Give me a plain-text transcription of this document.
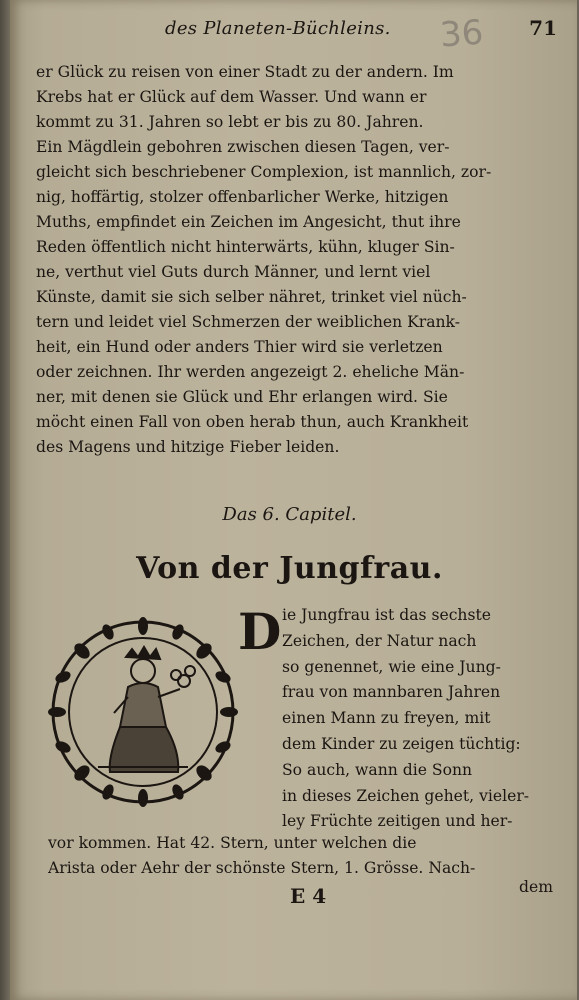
des Planeten-Büchleins. 36 71
er Glück zu reisen von einer Stadt zu der andern. Im
Krebs hat er Glück auf dem Wasser. Und wann er
kommt zu 31. Jahren so lebt er bis zu 80. Jahren.
Ein Mägdlein gebohren zwischen diesen Tagen, ver-
gleicht sich beschriebener Complexion, ist mannlich, zor-
nig, hoffärtig, stolzer offenbarlicher Werke, hitzigen
Muths, empfindet ein Zeichen im Angesicht, thut ihre
Reden öffentlich nicht hinterwärts, kühn, kluger Sin-
ne, verthut viel Guts durch Männer, und lernt viel
Künste, damit sie sich selber nähret, trinket viel nüch-
tern und leidet viel Schmerzen der weiblichen Krank-
heit, ein Hund oder anders Thier wird sie verletzen
oder zeichnen. Ihr werden angezeigt 2. eheliche Män-
ner, mit denen sie Glück und Ehr erlangen wird. Sie
möcht einen Fall von oben herab thun, auch Krankheit
des Magens und hitzige Fieber leiden.
Das 6. Capitel.
Von der Jungfrau.
D ie Jungfrau ist das sechste
Zeichen, der Natur nach
so genennet, wie eine Jung-
frau von mannbaren Jahren
einen Mann zu freyen, mit
dem Kinder zu zeigen tüchtig:
So auch, wann die Sonn
in dieses Zeichen gehet, vieler-
ley Früchte zeitigen und her-
vor kommen. Hat 42. Stern, unter welchen die
Arista oder Aehr der schönste Stern, 1. Grösse. Nach-
E 4	dem
